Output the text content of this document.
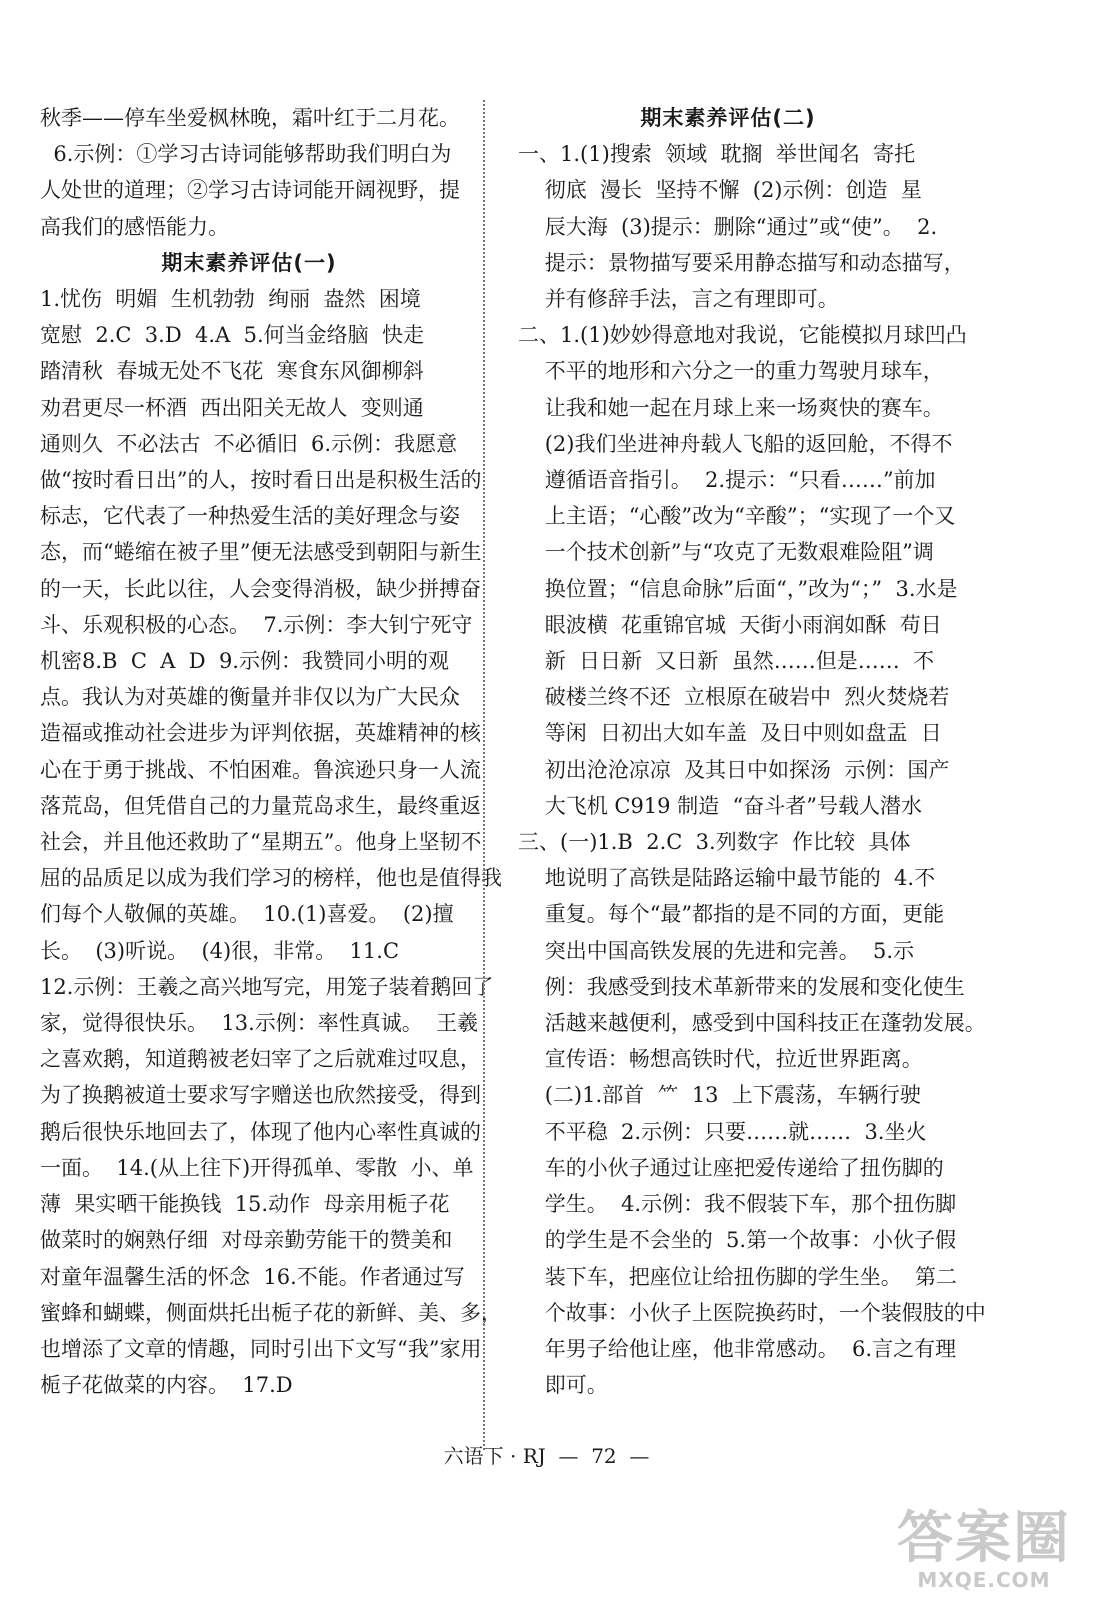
秋季——停车坐爱枫林晚，霜叶红于二月花。
6.示例：①学习古诗词能够帮助我们明白为
人处世的道理；②学习古诗词能开阔视野，提
高我们的感悟能力。
期末素养评估(一)
1.忧伤  明媚  生机勃勃  绚丽  盎然  困境
宽慰  2.C  3.D  4.A  5.何当金络脑  快走
踏清秋  春城无处不飞花  寒食东风御柳斜
劝君更尽一杯酒  西出阳关无故人  变则通
通则久  不必法古  不必循旧  6.示例：我愿意
做“按时看日出”的人，按时看日出是积极生活的
标志，它代表了一种热爱生活的美好理念与姿
态，而“蜷缩在被子里”便无法感受到朝阳与新生
的一天，长此以往，人会变得消极，缺少拼搏奋
斗、乐观积极的心态。  7.示例：李大钊宁死守
机密8.B  C  A  D  9.示例：我赞同小明的观
点。我认为对英雄的衡量并非仅以为广大民众
造福或推动社会进步为评判依据，英雄精神的核
心在于勇于挑战、不怕困难。鲁滨逊只身一人流
落荒岛，但凭借自己的力量荒岛求生，最终重返
社会，并且他还救助了“星期五”。他身上坚韧不
屈的品质足以成为我们学习的榜样，他也是值得我
们每个人敬佩的英雄。  10.(1)喜爱。  (2)擅
长。  (3)听说。  (4)很，非常。  11.C
12.示例：王羲之高兴地写完，用笼子装着鹅回了
家，觉得很快乐。  13.示例：率性真诚。  王羲
之喜欢鹅，知道鹅被老妇宰了之后就难过叹息，
为了换鹅被道士要求写字赠送也欣然接受，得到
鹅后很快乐地回去了，体现了他内心率性真诚的
一面。  14.(从上往下)开得孤单、零散  小、单
薄  果实晒干能换钱  15.动作  母亲用栀子花
做菜时的娴熟仔细  对母亲勤劳能干的赞美和
对童年温馨生活的怀念  16.不能。作者通过写
蜜蜂和蝴蝶，侧面烘托出栀子花的新鲜、美、多，
也增添了文章的情趣，同时引出下文写“我”家用
栀子花做菜的内容。  17.D
期末素养评估(二)
一、1.(1)搜索  领域  耽搁  举世闻名  寄托
彻底  漫长  坚持不懈  (2)示例：创造  星
辰大海  (3)提示：删除“通过”或“使”。  2.
提示：景物描写要采用静态描写和动态描写，
并有修辞手法，言之有理即可。
二、1.(1)妙妙得意地对我说，它能模拟月球凹凸
不平的地形和六分之一的重力驾驶月球车，
让我和她一起在月球上来一场爽快的赛车。
(2)我们坐进神舟载人飞船的返回舱，不得不
遵循语音指引。  2.提示：“只看……”前加
上主语；“心酸”改为“辛酸”；“实现了一个又
一个技术创新”与“攻克了无数艰难险阻”调
换位置；“信息命脉”后面“，”改为“；”  3.水是
眼波横  花重锦官城  天街小雨润如酥  苟日
新  日日新  又日新  虽然……但是……  不
破楼兰终不还  立根原在破岩中  烈火焚烧若
等闲  日初出大如车盖  及日中则如盘盂  日
初出沧沧凉凉  及其日中如探汤  示例：国产
大飞机 C919 制造  “奋斗者”号载人潜水
三、(一)1.B  2.C  3.列数字  作比较  具体
地说明了高铁是陆路运输中最节能的  4.不
重复。每个“最”都指的是不同的方面，更能
突出中国高铁发展的先进和完善。  5.示
例：我感受到技术革新带来的发展和变化使生
活越来越便利，感受到中国科技正在蓬勃发展。
宣传语：畅想高铁时代，拉近世界距离。
(二)1.部首  ⺮  13  上下震荡，车辆行驶
不平稳  2.示例：只要……就……  3.坐火
车的小伙子通过让座把爱传递给了扭伤脚的
学生。  4.示例：我不假装下车，那个扭伤脚
的学生是不会坐的  5.第一个故事：小伙子假
装下车，把座位让给扭伤脚的学生坐。  第二
个故事：小伙子上医院换药时，一个装假肢的中
年男子给他让座，他非常感动。  6.言之有理
即可。
六语下 · RJ  —  72  —
答案圈
MXQE.COM
